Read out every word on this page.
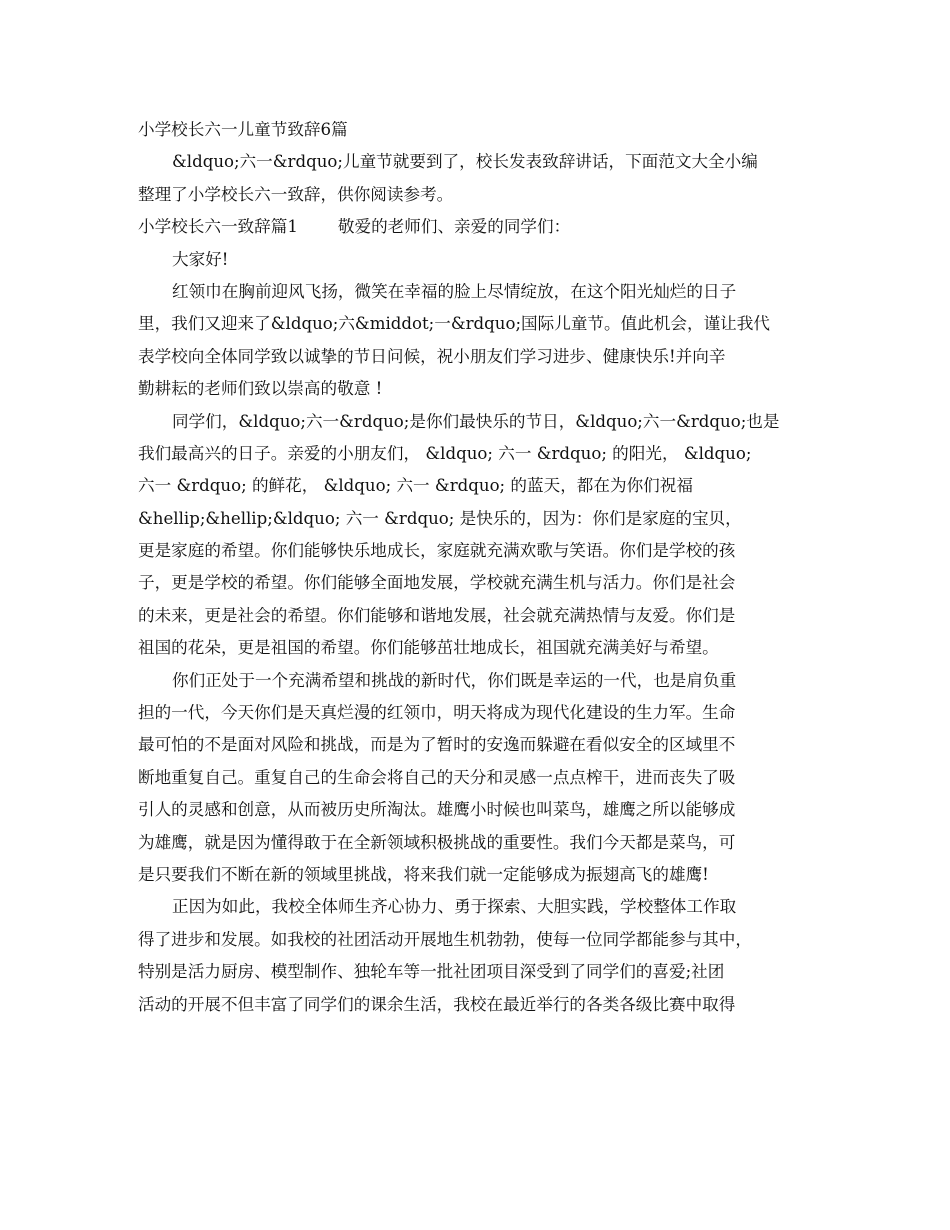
小学校长六一儿童节致辞6篇
&ldquo;六一&rdquo;儿童节就要到了，校长发表致辞讲话，下面范文大全小编
整理了小学校长六一致辞，供你阅读参考。
小学校长六一致辞篇1 敬爱的老师们、亲爱的同学们：
大家好!
红领巾在胸前迎风飞扬，微笑在幸福的脸上尽情绽放，在这个阳光灿烂的日子
里，我们又迎来了&ldquo;六&middot;一&rdquo;国际儿童节。值此机会，谨让我代
表学校向全体同学致以诚挚的节日问候，祝小朋友们学习进步、健康快乐!并向辛
勤耕耘的老师们致以崇高的敬意 !
同学们，&ldquo;六一&rdquo;是你们最快乐的节日，&ldquo;六一&rdquo;也是
我们最高兴的日子。亲爱的小朋友们， &ldquo; 六一 &rdquo; 的阳光， &ldquo;
六一 &rdquo; 的鲜花， &ldquo; 六一 &rdquo; 的蓝天，都在为你们祝福
&hellip;&hellip;&ldquo; 六一 &rdquo; 是快乐的，因为：你们是家庭的宝贝，
更是家庭的希望。你们能够快乐地成长，家庭就充满欢歌与笑语。你们是学校的孩
子，更是学校的希望。你们能够全面地发展，学校就充满生机与活力。你们是社会
的未来，更是社会的希望。你们能够和谐地发展，社会就充满热情与友爱。你们是
祖国的花朵，更是祖国的希望。你们能够茁壮地成长，祖国就充满美好与希望。
你们正处于一个充满希望和挑战的新时代，你们既是幸运的一代，也是肩负重
担的一代，今天你们是天真烂漫的红领巾，明天将成为现代化建设的生力军。生命
最可怕的不是面对风险和挑战，而是为了暂时的安逸而躲避在看似安全的区域里不
断地重复自己。重复自己的生命会将自己的天分和灵感一点点榨干，进而丧失了吸
引人的灵感和创意，从而被历史所淘汰。雄鹰小时候也叫菜鸟，雄鹰之所以能够成
为雄鹰，就是因为懂得敢于在全新领域积极挑战的重要性。我们今天都是菜鸟，可
是只要我们不断在新的领域里挑战，将来我们就一定能够成为振翅高飞的雄鹰!
正因为如此，我校全体师生齐心协力、勇于探索、大胆实践，学校整体工作取
得了进步和发展。如我校的社团活动开展地生机勃勃，使每一位同学都能参与其中，
特别是活力厨房、模型制作、独轮车等一批社团项目深受到了同学们的喜爱;社团
活动的开展不但丰富了同学们的课余生活，我校在最近举行的各类各级比赛中取得
